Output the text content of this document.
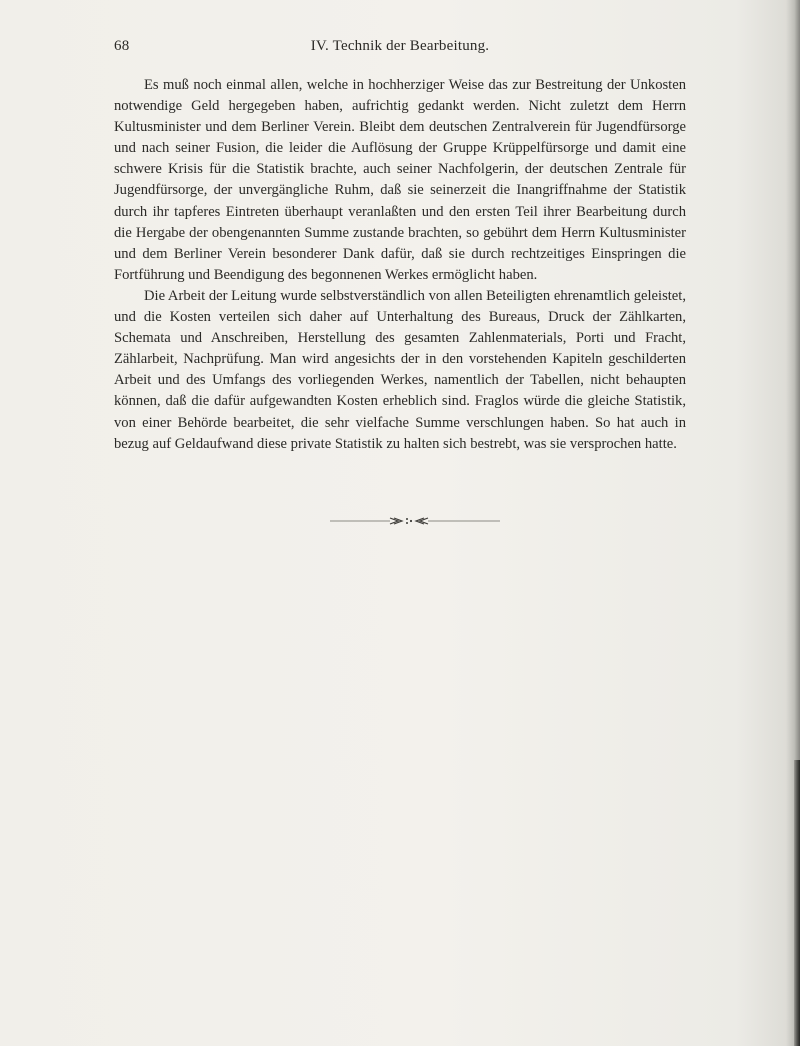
68	IV. Technik der Bearbeitung.

Es muß noch einmal allen, welche in hochherziger Weise das zur Bestreitung der Unkosten notwendige Geld hergegeben haben, aufrichtig gedankt werden. Nicht zuletzt dem Herrn Kultusminister und dem Berliner Verein. Bleibt dem deutschen Zentralverein für Jugendfürsorge und nach seiner Fusion, die leider die Auflösung der Gruppe Krüppelfürsorge und damit eine schwere Krisis für die Statistik brachte, auch seiner Nachfolgerin, der deutschen Zentrale für Jugendfürsorge, der unvergängliche Ruhm, daß sie seinerzeit die Inangriffnahme der Statistik durch ihr tapferes Eintreten überhaupt veranlaßten und den ersten Teil ihrer Bearbeitung durch die Hergabe der obengenannten Summe zustande brachten, so gebührt dem Herrn Kultusminister und dem Berliner Verein besonderer Dank dafür, daß sie durch rechtzeitiges Einspringen die Fortführung und Beendigung des begonnenen Werkes ermöglicht haben.

Die Arbeit der Leitung wurde selbstverständlich von allen Beteiligten ehrenamtlich geleistet, und die Kosten verteilen sich daher auf Unterhaltung des Bureaus, Druck der Zählkarten, Schemata und Anschreiben, Herstellung des gesamten Zahlenmaterials, Porti und Fracht, Zählarbeit, Nachprüfung. Man wird angesichts der in den vorstehenden Kapiteln geschilderten Arbeit und des Umfangs des vorliegenden Werkes, namentlich der Tabellen, nicht behaupten können, daß die dafür aufgewandten Kosten erheblich sind. Fraglos würde die gleiche Statistik, von einer Behörde bearbeitet, die sehr vielfache Summe verschlungen haben. So hat auch in bezug auf Geldaufwand diese private Statistik zu halten sich bestrebt, was sie versprochen hatte.
